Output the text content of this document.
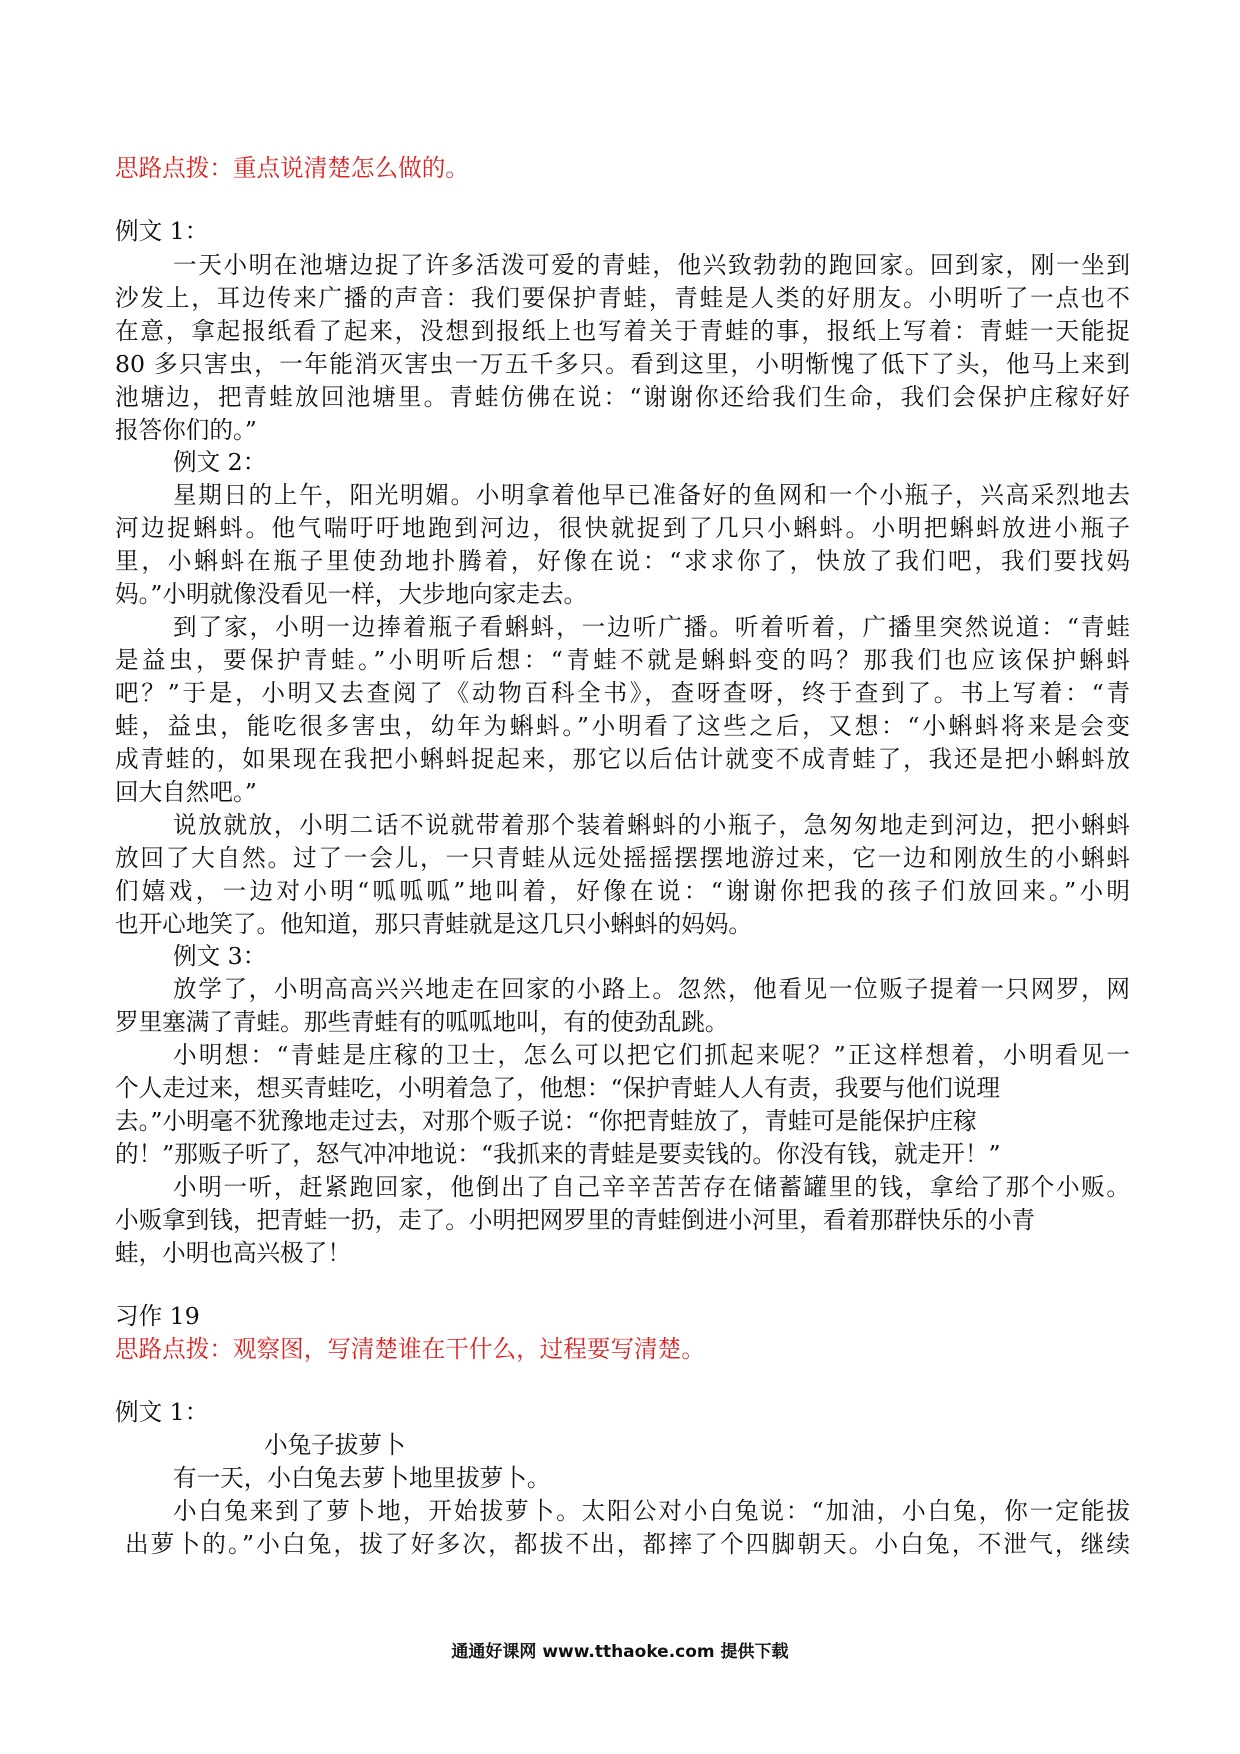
思路点拨：重点说清楚怎么做的。
例文 1：
一天小明在池塘边捉了许多活泼可爱的青蛙，他兴致勃勃的跑回家。回到家，刚一坐到
沙发上，耳边传来广播的声音：我们要保护青蛙，青蛙是人类的好朋友。小明听了一点也不
在意，拿起报纸看了起来，没想到报纸上也写着关于青蛙的事，报纸上写着：青蛙一天能捉
80 多只害虫，一年能消灭害虫一万五千多只。看到这里，小明惭愧了低下了头，他马上来到
池塘边，把青蛙放回池塘里。青蛙仿佛在说：“谢谢你还给我们生命，我们会保护庄稼好好
报答你们的。”
例文 2：
星期日的上午，阳光明媚。小明拿着他早已准备好的鱼网和一个小瓶子，兴高采烈地去
河边捉蝌蚪。他气喘吁吁地跑到河边，很快就捉到了几只小蝌蚪。小明把蝌蚪放进小瓶子
里，小蝌蚪在瓶子里使劲地扑腾着，好像在说：“求求你了，快放了我们吧，我们要找妈
妈。”小明就像没看见一样，大步地向家走去。
到了家，小明一边捧着瓶子看蝌蚪，一边听广播。听着听着，广播里突然说道：“青蛙
是益虫，要保护青蛙。”小明听后想：“青蛙不就是蝌蚪变的吗？那我们也应该保护蝌蚪
吧？”于是，小明又去查阅了《动物百科全书》，查呀查呀，终于查到了。书上写着：“青
蛙，益虫，能吃很多害虫，幼年为蝌蚪。”小明看了这些之后，又想：“小蝌蚪将来是会变
成青蛙的，如果现在我把小蝌蚪捉起来，那它以后估计就变不成青蛙了，我还是把小蝌蚪放
回大自然吧。”
说放就放，小明二话不说就带着那个装着蝌蚪的小瓶子，急匆匆地走到河边，把小蝌蚪
放回了大自然。过了一会儿，一只青蛙从远处摇摇摆摆地游过来，它一边和刚放生的小蝌蚪
们嬉戏，一边对小明“呱呱呱”地叫着，好像在说：“谢谢你把我的孩子们放回来。”小明
也开心地笑了。他知道，那只青蛙就是这几只小蝌蚪的妈妈。
例文 3：
放学了，小明高高兴兴地走在回家的小路上。忽然，他看见一位贩子提着一只网罗，网
罗里塞满了青蛙。那些青蛙有的呱呱地叫，有的使劲乱跳。
小明想：“青蛙是庄稼的卫士，怎么可以把它们抓起来呢？”正这样想着，小明看见一
个人走过来，想买青蛙吃，小明着急了，他想：“保护青蛙人人有责，我要与他们说理
去。”小明毫不犹豫地走过去，对那个贩子说：“你把青蛙放了，青蛙可是能保护庄稼
的！”那贩子听了，怒气冲冲地说：“我抓来的青蛙是要卖钱的。你没有钱，就走开！”
小明一听，赶紧跑回家，他倒出了自己辛辛苦苦存在储蓄罐里的钱，拿给了那个小贩。
小贩拿到钱，把青蛙一扔，走了。小明把网罗里的青蛙倒进小河里，看着那群快乐的小青
蛙，小明也高兴极了！
习作 19
思路点拨：观察图，写清楚谁在干什么，过程要写清楚。
例文 1：
小兔子拔萝卜
有一天，小白兔去萝卜地里拔萝卜。
小白兔来到了萝卜地，开始拔萝卜。太阳公对小白兔说：“加油，小白兔，你一定能拔
出萝卜的。”小白兔，拔了好多次，都拔不出，都摔了个四脚朝天。小白兔，不泄气，继续
通通好课网 www.tthaoke.com 提供下载
